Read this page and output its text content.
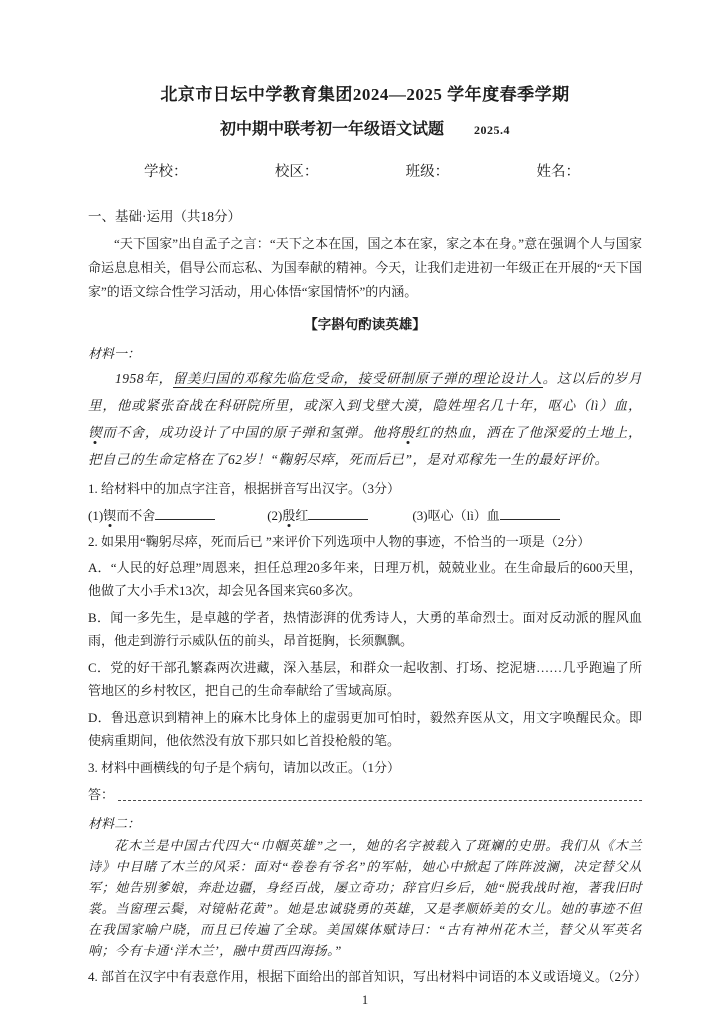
北京市日坛中学教育集团2024—2025 学年度春季学期
初中期中联考初一年级语文试题	2025.4
学校：	校区：	班级：	姓名：
一、基础·运用（共18分）
“天下国家”出自孟子之言：“天下之本在国，国之本在家，家之本在身。”意在强调个人与国家命运息息相关，倡导公而忘私、为国奉献的精神。今天，让我们走进初一年级正在开展的“天下国家”的语文综合性学习活动，用心体悟“家国情怀”的内涵。
【字斟句酌读英雄】
材料一：
1958年，留美归国的邓稼先临危受命，接受研制原子弹的理论设计人。这以后的岁月里，他或紧张奋战在科研院所里，或深入到戈壁大漠，隐姓埋名几十年，呕心（lì）血，锲而不舍，成功设计了中国的原子弹和氢弹。他将殷红的热血，洒在了他深爱的土地上，把自己的生命定格在了62岁！“鞠躬尽瘁，死而后已”，是对邓稼先一生的最好评价。
1. 给材料中的加点字注音，根据拼音写出汉字。（3分）
(1)锲而不舍	(2)殷红	(3)呕心（lì）血
2. 如果用“鞠躬尽瘁，死而后已 ”来评价下列选项中人物的事迹，不恰当的一项是（2分）
A．“人民的好总理”周恩来，担任总理20多年来，日理万机，兢兢业业。在生命最后的600天里，他做了大小手术13次，却会见各国来宾60多次。
B．闻一多先生，是卓越的学者，热情澎湃的优秀诗人，大勇的革命烈士。面对反动派的腥风血雨，他走到游行示威队伍的前头，昂首挺胸，长须飘飘。
C．党的好干部孔繁森两次进藏，深入基层，和群众一起收割、打场、挖泥塘……几乎跑遍了所管地区的乡村牧区，把自己的生命奉献给了雪域高原。
D．鲁迅意识到精神上的麻木比身体上的虚弱更加可怕时，毅然弃医从文，用文字唤醒民众。即使病重期间，他依然没有放下那只如匕首投枪般的笔。
3. 材料中画横线的句子是个病句，请加以改正。（1分）
答：
材料二：
花木兰是中国古代四大“巾帼英雄”之一，她的名字被载入了斑斓的史册。我们从《木兰诗》中目睹了木兰的风采：面对“卷卷有爷名”的军帖，她心中掀起了阵阵波澜，决定替父从军；她告别爹娘，奔赴边疆，身经百战，屡立奇功；辞官归乡后，她“脱我战时袍，著我旧时裳。当窗理云鬓，对镜帖花黄”。她是忠诚骁勇的英雄，又是孝顺娇美的女儿。她的事迹不但在我国家喻户晓，而且已传遍了全球。美国媒体赋诗曰：“古有神州花木兰，替父从军英名响；今有卡通‘洋木兰’，融中贯西四海扬。”
4. 部首在汉字中有表意作用，根据下面给出的部首知识，写出材料中词语的本义或语境义。（2分）
1
